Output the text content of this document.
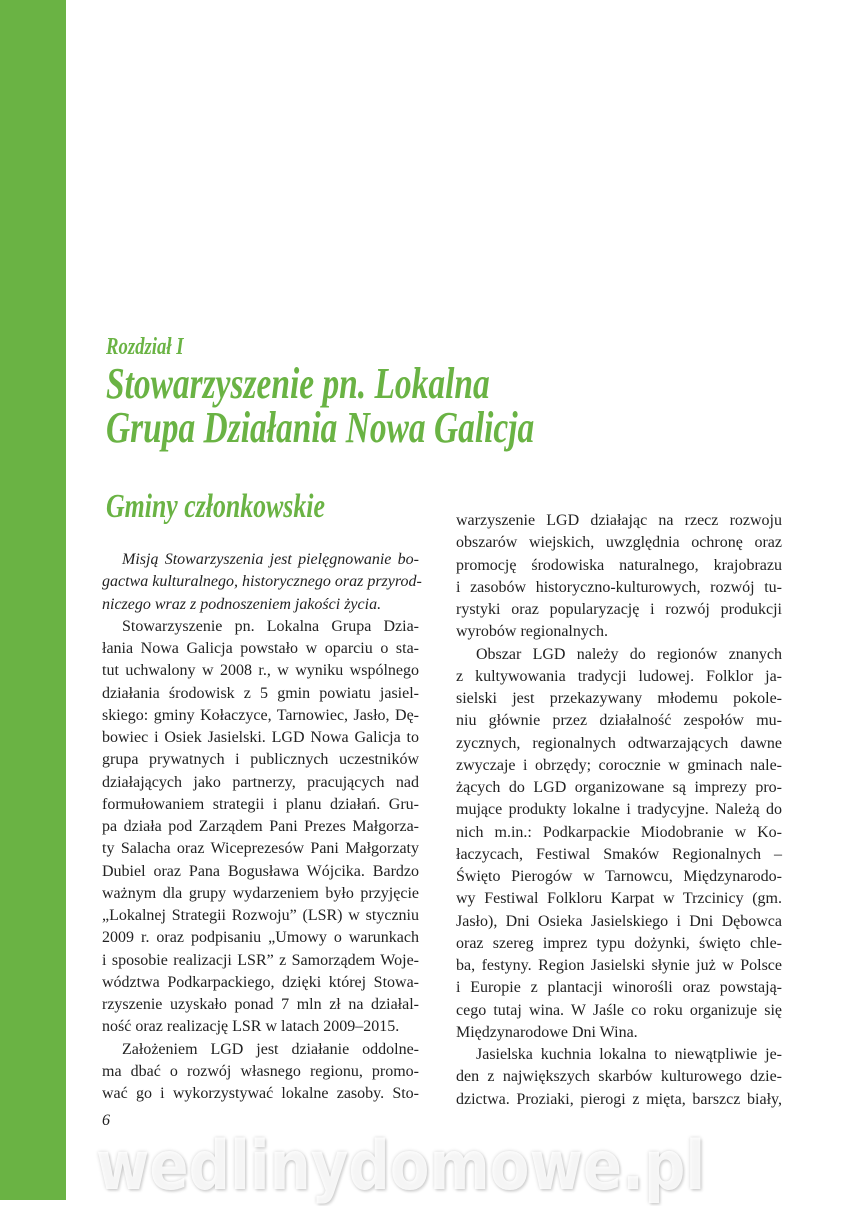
Rozdział I
Stowarzyszenie pn. Lokalna
Grupa Działania Nowa Galicja
Gminy członkowskie
Misją Stowarzyszenia jest pielęgnowanie bo-
gactwa kulturalnego, historycznego oraz przyrod-
niczego wraz z podnoszeniem jakości życia.
Stowarzyszenie pn. Lokalna Grupa Dzia-
łania Nowa Galicja powstało w oparciu o sta-
tut uchwalony w 2008 r., w wyniku wspólnego
działania środowisk z 5 gmin powiatu jasiel-
skiego: gminy Kołaczyce, Tarnowiec, Jasło, Dę-
bowiec i Osiek Jasielski. LGD Nowa Galicja to
grupa prywatnych i publicznych uczestników
działających jako partnerzy, pracujących nad
formułowaniem strategii i planu działań. Gru-
pa działa pod Zarządem Pani Prezes Małgorza-
ty Salacha oraz Wiceprezesów Pani Małgorzaty
Dubiel oraz Pana Bogusława Wójcika. Bardzo
ważnym dla grupy wydarzeniem było przyjęcie
„Lokalnej Strategii Rozwoju” (LSR) w styczniu
2009 r. oraz podpisaniu „Umowy o warunkach
i sposobie realizacji LSR” z Samorządem Woje-
wództwa Podkarpackiego, dzięki której Stowa-
rzyszenie uzyskało ponad 7 mln zł na działal-
ność oraz realizację LSR w latach 2009–2015.
Założeniem LGD jest działanie oddolne-
ma dbać o rozwój własnego regionu, promo-
wać go i wykorzystywać lokalne zasoby. Sto-
warzyszenie LGD działając na rzecz rozwoju
obszarów wiejskich, uwzględnia ochronę oraz
promocję środowiska naturalnego, krajobrazu
i zasobów historyczno-kulturowych, rozwój tu-
rystyki oraz popularyzację i rozwój produkcji
wyrobów regionalnych.
Obszar LGD należy do regionów znanych
z kultywowania tradycji ludowej. Folklor ja-
sielski jest przekazywany młodemu pokole-
niu głównie przez działalność zespołów mu-
zycznych, regionalnych odtwarzających dawne
zwyczaje i obrzędy; corocznie w gminach nale-
żących do LGD organizowane są imprezy pro-
mujące produkty lokalne i tradycyjne. Należą do
nich m.in.: Podkarpackie Miodobranie w Ko-
łaczycach, Festiwal Smaków Regionalnych –
Święto Pierogów w Tarnowcu, Międzynarodo-
wy Festiwal Folkloru Karpat w Trzcinicy (gm.
Jasło), Dni Osieka Jasielskiego i Dni Dębowca
oraz szereg imprez typu dożynki, święto chle-
ba, festyny. Region Jasielski słynie już w Polsce
i Europie z plantacji winorośli oraz powstają-
cego tutaj wina. W Jaśle co roku organizuje się
Międzynarodowe Dni Wina.
Jasielska kuchnia lokalna to niewątpliwie je-
den z największych skarbów kulturowego dzie-
dzictwa. Proziaki, pierogi z mięta, barszcz biały,
6
wedlinydomowe.pl
